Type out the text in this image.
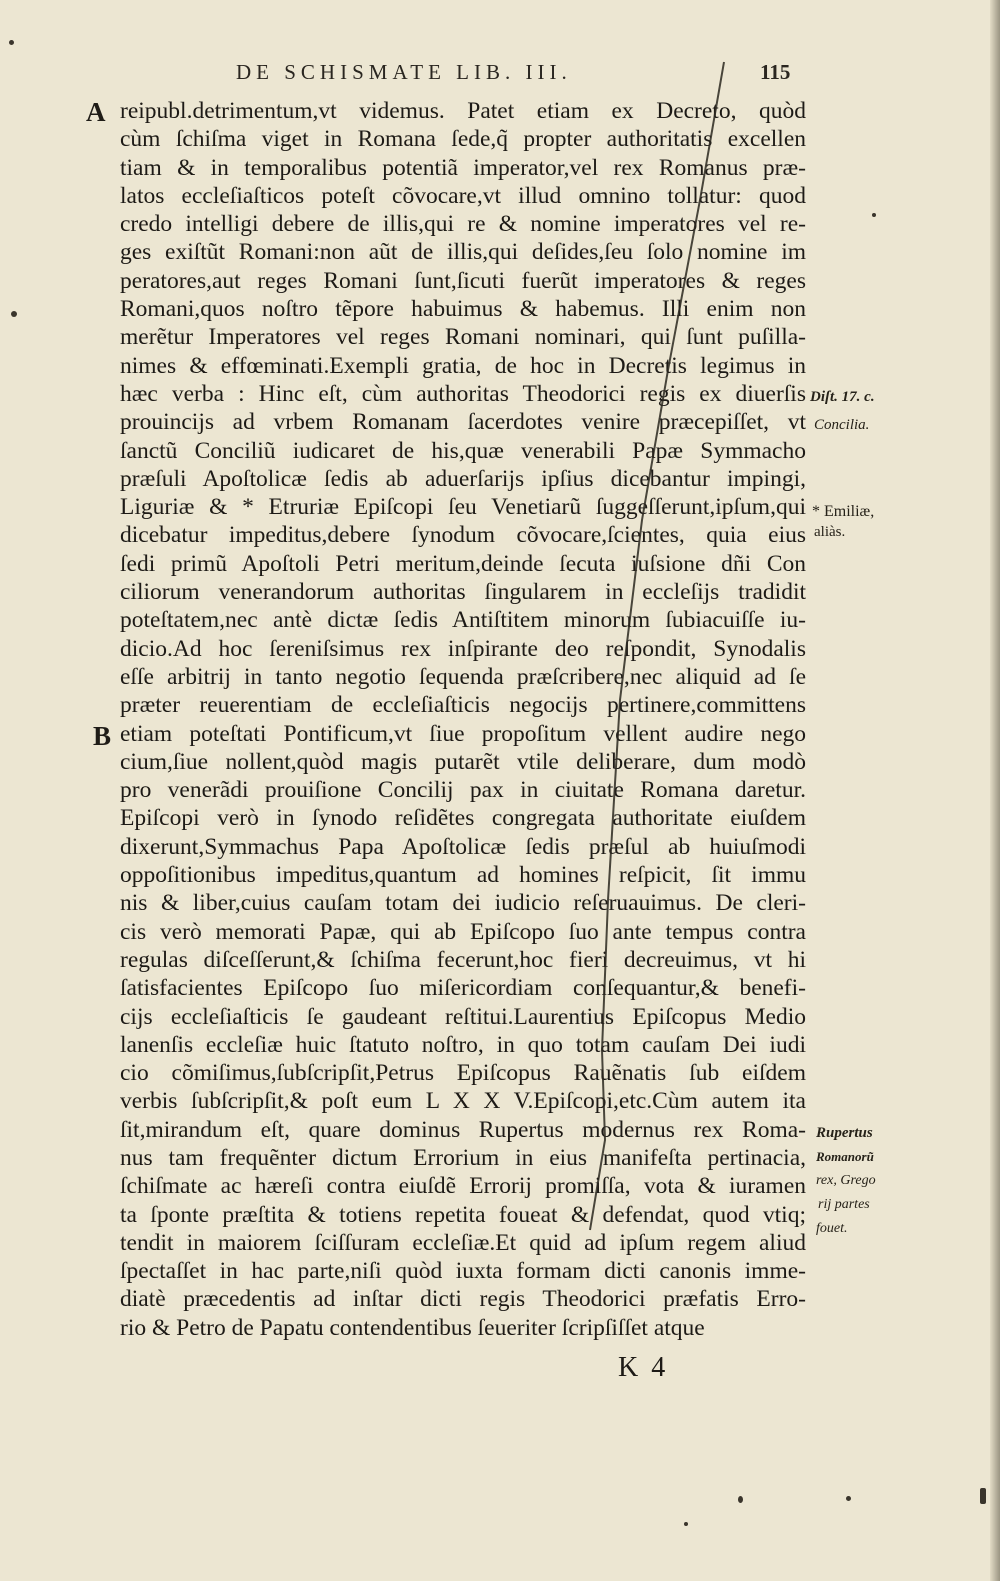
DE SCHISMATE LIB. III.	115
A
B
reipubl.detrimentum,vt videmus. Patet etiam ex Decreto, quòd
cùm ſchiſma viget in Romana ſede,q̃ propter authoritatis excellen
tiam & in temporalibus potentiã imperator,vel rex Romanus præ-
latos eccleſiaſticos poteſt cõvocare,vt illud omnino tollatur: quod
credo intelligi debere de illis,qui re & nomine imperatores vel re-
ges exiſtũt Romani:non aũt de illis,qui deſides,ſeu ſolo nomine im
peratores,aut reges Romani ſunt,ſicuti fuerũt imperatores & reges
Romani,quos noſtro tẽpore habuimus & habemus. Illi enim non
merẽtur Imperatores vel reges Romani nominari, qui ſunt puſilla-
nimes & effœminati.Exempli gratia, de hoc in Decretis legimus in
hæc verba : Hinc eſt, cùm authoritas Theodorici regis ex diuerſis
prouincijs ad vrbem Romanam ſacerdotes venire præcepiſſet, vt
ſanctũ Conciliũ iudicaret de his,quæ venerabili Papæ Symmacho
præſuli Apoſtolicæ ſedis ab aduerſarijs ipſius dicebantur impingi,
Liguriæ & * Etruriæ Epiſcopi ſeu Venetiarũ ſuggeſſerunt,ipſum,qui
dicebatur impeditus,debere ſynodum cõvocare,ſcientes, quia eius
ſedi primũ Apoſtoli Petri meritum,deinde ſecuta iuſsione dñi Con
ciliorum venerandorum authoritas ſingularem in eccleſijs tradidit
poteſtatem,nec antè dictæ ſedis Antiſtitem minorum ſubiacuiſſe iu-
dicio.Ad hoc ſereniſsimus rex inſpirante deo reſpondit, Synodalis
eſſe arbitrij in tanto negotio ſequenda præſcribere,nec aliquid ad ſe
præter reuerentiam de eccleſiaſticis negocijs pertinere,committens
etiam poteſtati Pontificum,vt ſiue propoſitum vellent audire nego
cium,ſiue nollent,quòd magis putarẽt vtile deliberare, dum modò
pro venerãdi prouiſione Concilij pax in ciuitate Romana daretur.
Epiſcopi verò in ſynodo reſidẽtes congregata authoritate eiuſdem
dixerunt,Symmachus Papa Apoſtolicæ ſedis præſul ab huiuſmodi
oppoſitionibus impeditus,quantum ad homines reſpicit, ſit immu
nis & liber,cuius cauſam totam dei iudicio reſeruauimus. De cleri-
cis verò memorati Papæ, qui ab Epiſcopo ſuo ante tempus contra
regulas diſceſſerunt,& ſchiſma fecerunt,hoc fieri decreuimus, vt hi
ſatisfacientes Epiſcopo ſuo miſericordiam conſequantur,& benefi-
cijs eccleſiaſticis ſe gaudeant reſtitui.Laurentius Epiſcopus Medio
lanenſis eccleſiæ huic ſtatuto noſtro, in quo totam cauſam Dei iudi
cio cõmiſimus,ſubſcripſit,Petrus Epiſcopus Rauẽnatis ſub eiſdem
verbis ſubſcripſit,& poſt eum L X X V.Epiſcopi,etc.Cùm autem ita
ſit,mirandum eſt, quare dominus Rupertus modernus rex Roma-
nus tam frequẽnter dictum Errorium in eius manifeſta pertinacia,
ſchiſmate ac hæreſi contra eiuſdẽ Errorij promiſſa, vota & iuramen
ta ſponte præſtita & totiens repetita foueat & defendat, quod vtiq;
tendit in maiorem ſciſſuram eccleſiæ.Et quid ad ipſum regem aliud
ſpectaſſet in hac parte,niſi quòd iuxta formam dicti canonis imme-
diatè præcedentis ad inſtar dicti regis Theodorici præfatis Erro-
rio & Petro de Papatu contendentibus ſeueriter ſcripſiſſet atque
Diſt. 17. c.
Concilia.
* Emiliæ,
aliàs.
Rupertus
Romanorũ
rex, Grego
rij partes
fouet.
K 4
